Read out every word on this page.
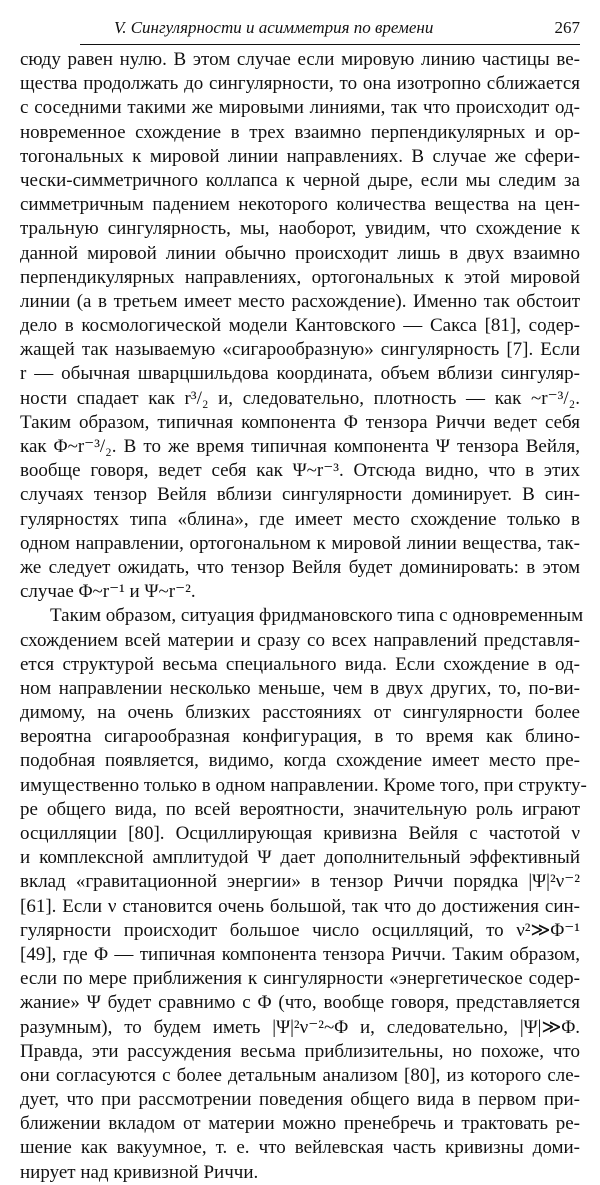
V. Сингулярности и асимметрия по времени	267
сюду равен нулю. В этом случае если мировую линию частицы ве-
щества продолжать до сингулярности, то она изотропно сближается
с соседними такими же мировыми линиями, так что происходит од-
новременное схождение в трех взаимно перпендикулярных и ор-
тогональных к мировой линии направлениях. В случае же сфери-
чески-симметричного коллапса к черной дыре, если мы следим за
симметричным падением некоторого количества вещества на цен-
тральную сингулярность, мы, наоборот, увидим, что схождение к
данной мировой линии обычно происходит лишь в двух взаимно
перпендикулярных направлениях, ортогональных к этой мировой
линии (а в третьем имеет место расхождение). Именно так обстоит
дело в космологической модели Кантовского — Сакса [81], содер-
жащей так называемую «сигарообразную» сингулярность [7]. Если
r — обычная шварцшильдова координата, объем вблизи сингуляр-
ности спадает как r³/₂ и, следовательно, плотность — как ~r⁻³/₂.
Таким образом, типичная компонента Φ тензора Риччи ведет себя
как Φ~r⁻³/₂. В то же время типичная компонента Ψ тензора Вейля,
вообще говоря, ведет себя как Ψ~r⁻³. Отсюда видно, что в этих
случаях тензор Вейля вблизи сингулярности доминирует. В син-
гулярностях типа «блина», где имеет место схождение только в
одном направлении, ортогональном к мировой линии вещества, так-
же следует ожидать, что тензор Вейля будет доминировать: в этом
случае Φ~r⁻¹ и Ψ~r⁻².
Таким образом, ситуация фридмановского типа с одновременным
схождением всей материи и сразу со всех направлений представля-
ется структурой весьма специального вида. Если схождение в од-
ном направлении несколько меньше, чем в двух других, то, по-ви-
димому, на очень близких расстояниях от сингулярности более
вероятна сигарообразная конфигурация, в то время как блино-
подобная появляется, видимо, когда схождение имеет место пре-
имущественно только в одном направлении. Кроме того, при структу-
ре общего вида, по всей вероятности, значительную роль играют
осцилляции [80]. Осциллирующая кривизна Вейля с частотой ν
и комплексной амплитудой Ψ дает дополнительный эффективный
вклад «гравитационной энергии» в тензор Риччи порядка |Ψ|²ν⁻²
[61]. Если ν становится очень большой, так что до достижения син-
гулярности происходит большое число осцилляций, то ν²≫Φ⁻¹
[49], где Φ — типичная компонента тензора Риччи. Таким образом,
если по мере приближения к сингулярности «энергетическое содер-
жание» Ψ будет сравнимо с Φ (что, вообще говоря, представляется
разумным), то будем иметь |Ψ|²ν⁻²~Φ и, следовательно, |Ψ|≫Φ.
Правда, эти рассуждения весьма приблизительны, но похоже, что
они согласуются с более детальным анализом [80], из которого сле-
дует, что при рассмотрении поведения общего вида в первом при-
ближении вкладом от материи можно пренебречь и трактовать ре-
шение как вакуумное, т. е. что вейлевская часть кривизны доми-
нирует над кривизной Риччи.
